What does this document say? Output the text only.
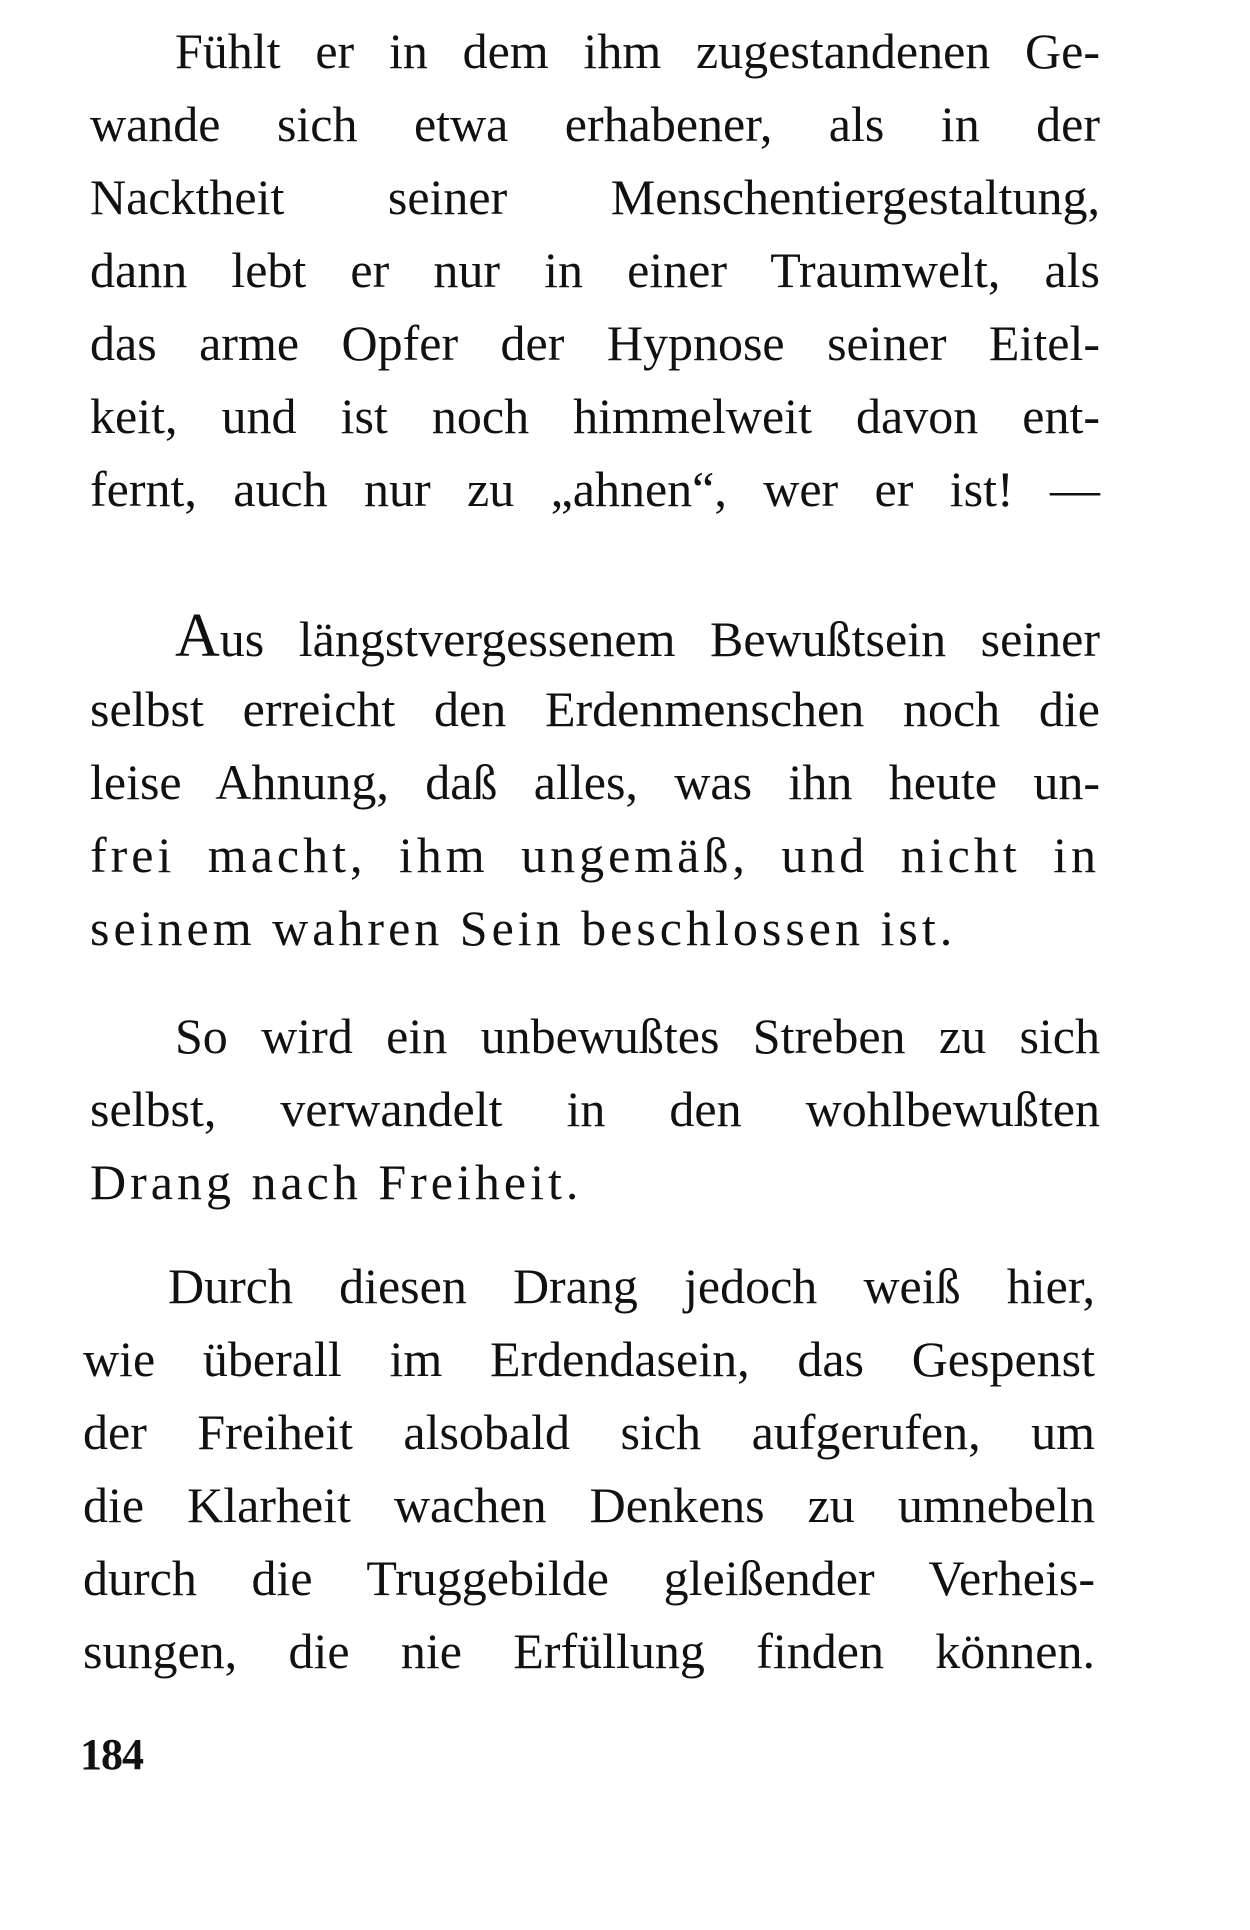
Fühlt er in dem ihm zugestandenen Ge-
wande sich etwa erhabener, als in der
Nacktheit seiner Menschentiergestaltung,
dann lebt er nur in einer Traumwelt, als
das arme Opfer der Hypnose seiner Eitel-
keit, und ist noch himmelweit davon ent-
fernt, auch nur zu „ahnen“, wer er ist! —
Aus längstvergessenem Bewußtsein seiner
selbst erreicht den Erdenmenschen noch die
leise Ahnung, daß alles, was ihn heute un-
frei macht, ihm ungemäß, und nicht in
seinem wahren Sein beschlossen ist.
So wird ein unbewußtes Streben zu sich
selbst, verwandelt in den wohlbewußten
Drang nach Freiheit.
Durch diesen Drang jedoch weiß hier,
wie überall im Erdendasein, das Gespenst
der Freiheit alsobald sich aufgerufen, um
die Klarheit wachen Denkens zu umnebeln
durch die Truggebilde gleißender Verheis-
sungen, die nie Erfüllung finden können.
184
